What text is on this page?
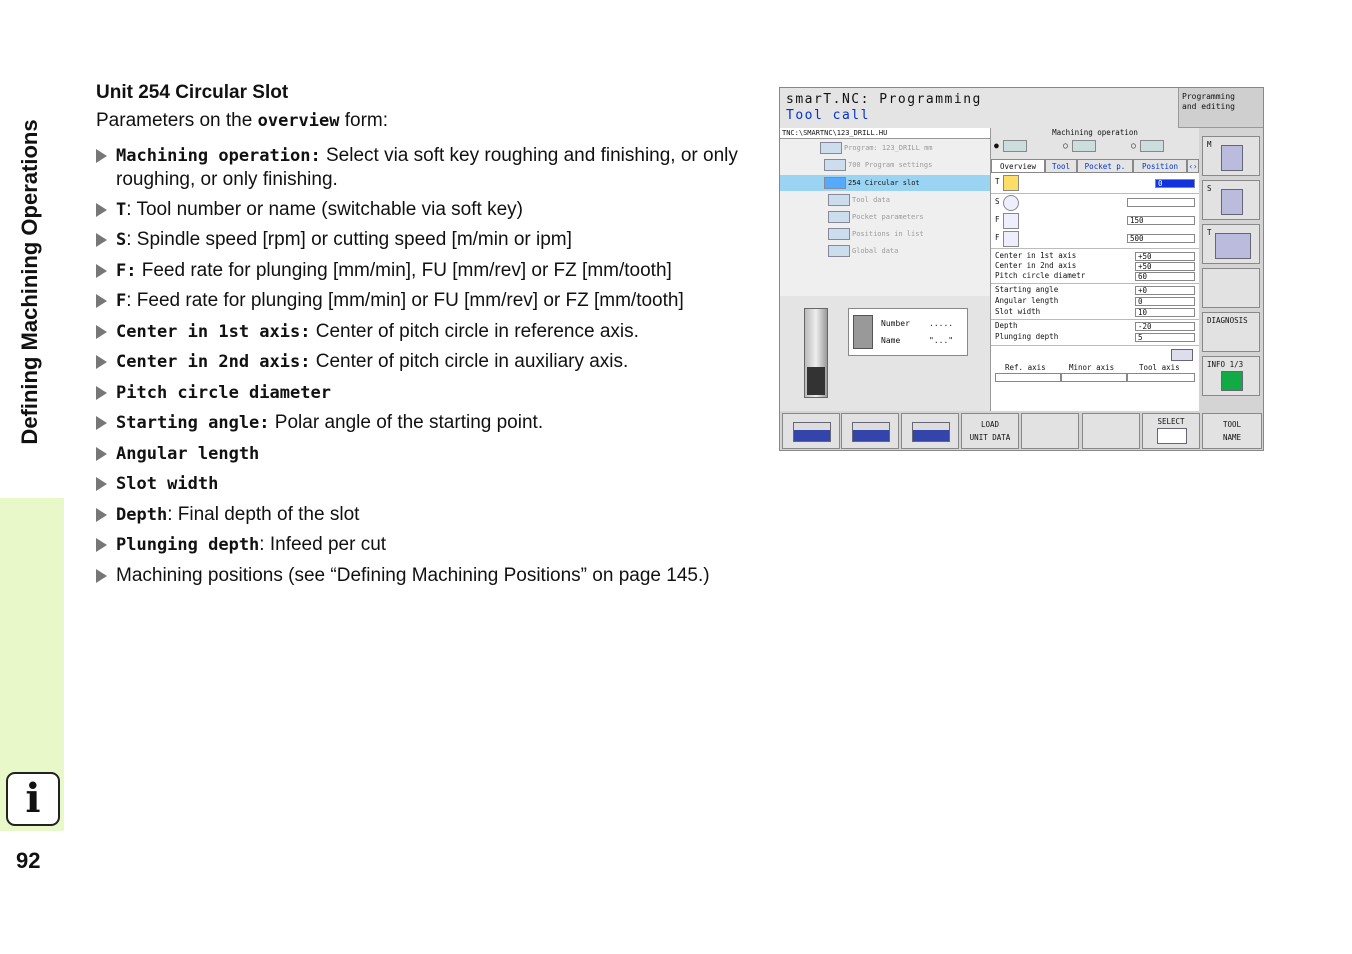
Defining Machining Operations
i
92
Unit 254 Circular Slot

Parameters on the overview form:

Machining operation: Select via soft key roughing and finishing, or only roughing, or only finishing.
T: Tool number or name (switchable via soft key)
S: Spindle speed [rpm] or cutting speed [m/min or ipm]
F: Feed rate for plunging [mm/min], FU [mm/rev] or FZ [mm/tooth]
F: Feed rate for plunging [mm/min] or FU [mm/rev] or FZ [mm/tooth]
Center in 1st axis: Center of pitch circle in reference axis.
Center in 2nd axis: Center of pitch circle in auxiliary axis.
Pitch circle diameter
Starting angle: Polar angle of the starting point.
Angular length
Slot width
Depth: Final depth of the slot
Plunging depth: Infeed per cut
Machining positions (see “Defining Machining Positions” on page 145.)
smarT.NC: Programming
Tool call
Programming
and editing
TNC:\SMARTNC\123_DRILL.HU
Program: 123_DRILL mm
700 Program settings
254 Circular slot
Tool data
Pocket parameters
Positions in list
Global data
Number .....
Name	"..."
Machining operation
●	○	○
Overview	Tool	Pocket p.	Position	‹›
T	0
S
F	150
F	500
Center in 1st axis	+50
Center in 2nd axis	+50
Pitch circle diametr	60
Starting angle	+0
Angular length	0
Slot width	10
Depth	-20
Plunging depth	5
Ref. axis	Minor axis	Tool axis
M
S
T
DIAGNOSIS
INFO 1/3
LOAD
UNIT DATA
SELECT	TOOL
NAME
